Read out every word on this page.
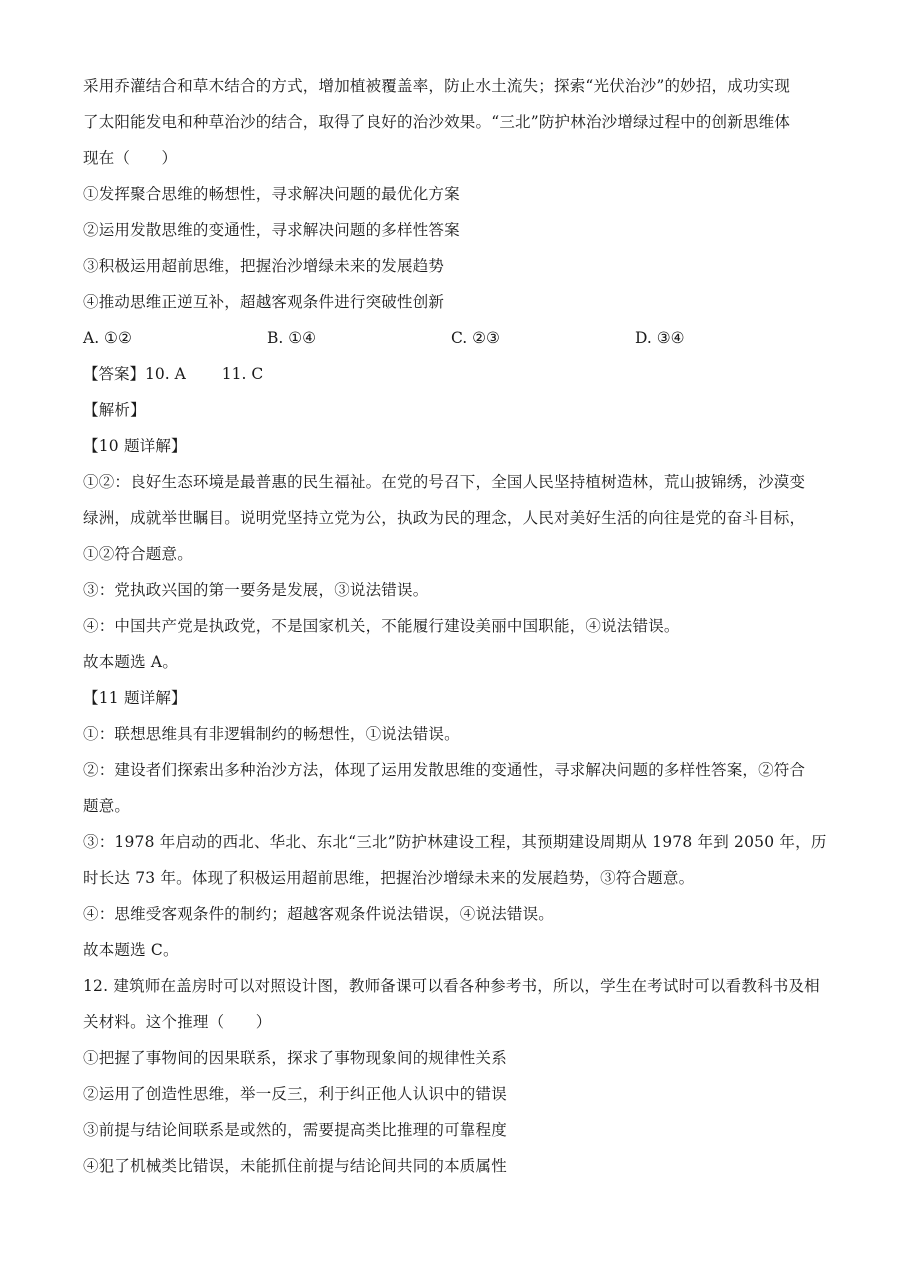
采用乔灌结合和草木结合的方式，增加植被覆盖率，防止水土流失；探索“光伏治沙”的妙招，成功实现
了太阳能发电和种草治沙的结合，取得了良好的治沙效果。“三北”防护林治沙增绿过程中的创新思维体
现在（　　）
①发挥聚合思维的畅想性，寻求解决问题的最优化方案
②运用发散思维的变通性，寻求解决问题的多样性答案
③积极运用超前思维，把握治沙增绿未来的发展趋势
④推动思维正逆互补，超越客观条件进行突破性创新
A. ①②	B. ①④	C. ②③	D. ③④
【答案】10. A 11. C
【解析】
【10 题详解】
①②：良好生态环境是最普惠的民生福祉。在党的号召下，全国人民坚持植树造林，荒山披锦绣，沙漠变
绿洲，成就举世瞩目。说明党坚持立党为公，执政为民的理念，人民对美好生活的向往是党的奋斗目标，
①②符合题意。
③：党执政兴国的第一要务是发展，③说法错误。
④：中国共产党是执政党，不是国家机关，不能履行建设美丽中国职能，④说法错误。
故本题选 A。
【11 题详解】
①：联想思维具有非逻辑制约的畅想性，①说法错误。
②：建设者们探索出多种治沙方法，体现了运用发散思维的变通性，寻求解决问题的多样性答案，②符合
题意。
③：1978 年启动的西北、华北、东北“三北”防护林建设工程，其预期建设周期从 1978 年到 2050 年，历
时长达 73 年。体现了积极运用超前思维，把握治沙增绿未来的发展趋势，③符合题意。
④：思维受客观条件的制约；超越客观条件说法错误，④说法错误。
故本题选 C。
12. 建筑师在盖房时可以对照设计图，教师备课可以看各种参考书，所以，学生在考试时可以看教科书及相
关材料。这个推理（　　）
①把握了事物间的因果联系，探求了事物现象间的规律性关系
②运用了创造性思维，举一反三，利于纠正他人认识中的错误
③前提与结论间联系是或然的，需要提高类比推理的可靠程度
④犯了机械类比错误，未能抓住前提与结论间共同的本质属性
